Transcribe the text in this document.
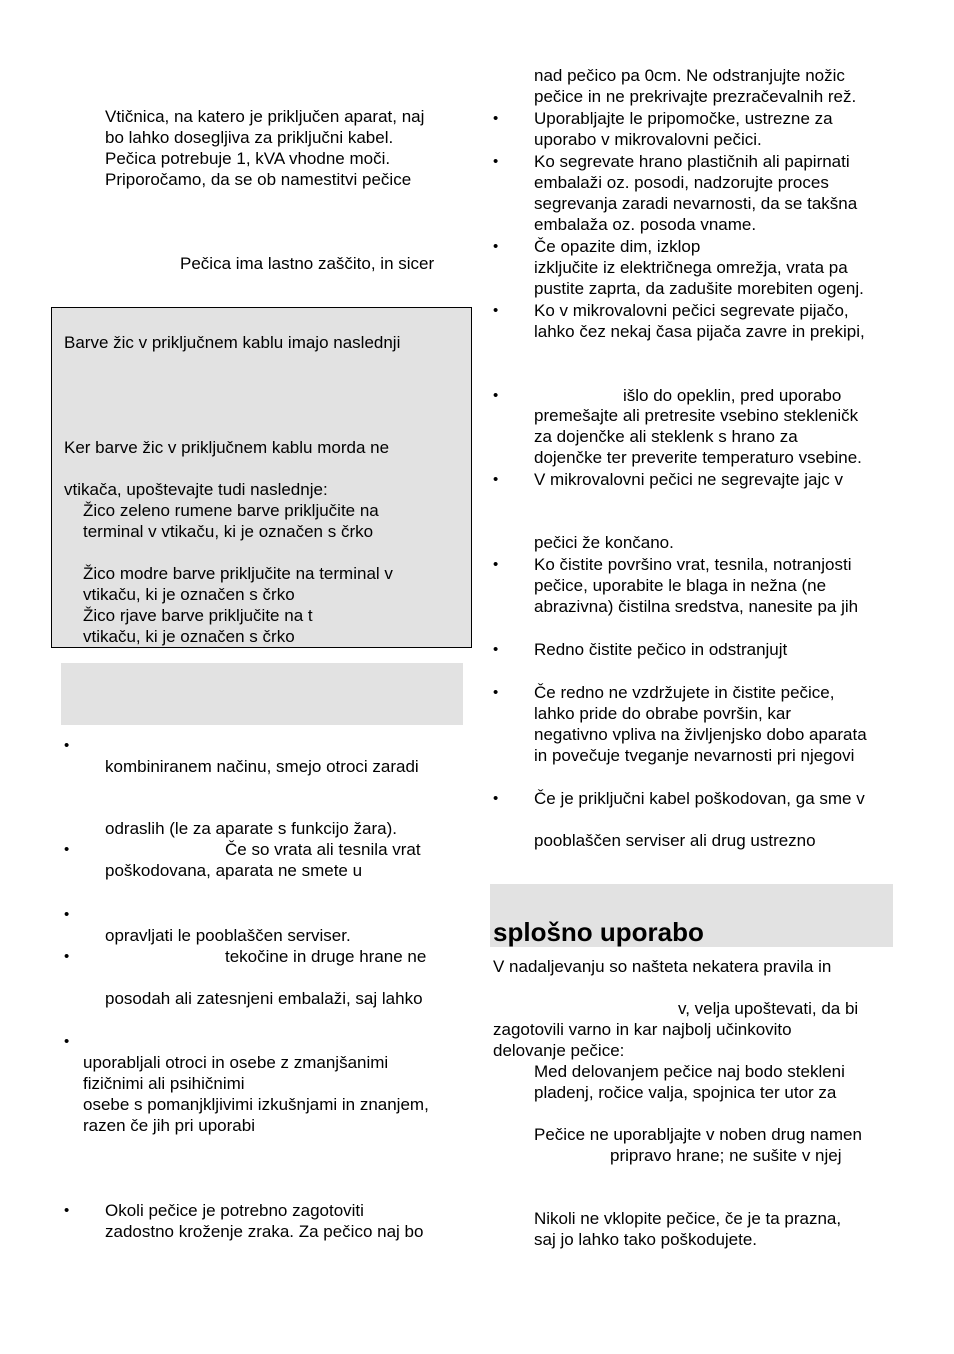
Vtičnica, na katero je priključen aparat, naj
bo lahko dosegljiva za priključni kabel.
Pečica potrebuje 1, kVA vhodne moči.
Priporočamo, da se ob namestitvi pečice
Pečica ima lastno zaščito, in sicer
Barve žic v priključnem kablu imajo naslednji
Ker barve žic v priključnem kablu morda ne
vtikača, upoštevajte tudi naslednje:
Žico zeleno rumene barve priključite na
terminal v vtikaču, ki je označen s črko
Žico modre barve priključite na terminal v
vtikaču, ki je označen s črko
Žico rjave barve priključite na t
vtikaču, ki je označen s črko
•
kombiniranem načinu, smejo otroci zaradi
odraslih (le za aparate s funkcijo žara).
•	Če so vrata ali tesnila vrat
poškodovana, aparata ne smete u
•
opravljati le pooblaščen serviser.
•	tekočine in druge hrane ne
posodah ali zatesnjeni embalaži, saj lahko
•
uporabljali otroci in osebe z zmanjšanimi
fizičnimi ali psihičnimi
osebe s pomanjkljivimi izkušnjami in znanjem,
razen če jih pri uporabi
• Okoli pečice je potrebno zagotoviti
zadostno kroženje zraka. Za pečico naj bo
nad pečico pa 0cm. Ne odstranjujte nožic
pečice in ne prekrivajte prezračevalnih rež.
• Uporabljajte le pripomočke, ustrezne za
uporabo v mikrovalovni pečici.
• Ko segrevate hrano plastičnih ali papirnati
embalaži oz. posodi, nadzorujte proces
segrevanja zaradi nevarnosti, da se takšna
embalaža oz. posoda vname.
• Če opazite dim, izklop
izključite iz električnega omrežja, vrata pa
pustite zaprta, da zadušite morebiten ogenj.
• Ko v mikrovalovni pečici segrevate pijačo,
lahko čez nekaj časa pijača zavre in prekipi,
•	išlo do opeklin, pred uporabo
premešajte ali pretresite vsebino stekleničk
za dojenčke ali steklenk s hrano za
dojenčke ter preverite temperaturo vsebine.
• V mikrovalovni pečici ne segrevajte jajc v
pečici že končano.
• Ko čistite površino vrat, tesnila, notranjosti
pečice, uporabite le blaga in nežna (ne
abrazivna) čistilna sredstva, nanesite pa jih
• Redno čistite pečico in odstranjujt
• Če redno ne vzdržujete in čistite pečice,
lahko pride do obrabe površin, kar
negativno vpliva na življenjsko dobo aparata
in povečuje tveganje nevarnosti pri njegovi
• Če je priključni kabel poškodovan, ga sme v
pooblaščen serviser ali drug ustrezno
splošno uporabo
V nadaljevanju so našteta nekatera pravila in
v, velja upoštevati, da bi
zagotovili varno in kar najbolj učinkovito
delovanje pečice:
Med delovanjem pečice naj bodo stekleni
pladenj, ročice valja, spojnica ter utor za
Pečice ne uporabljajte v noben drug namen
pripravo hrane; ne sušite v njej
Nikoli ne vklopite pečice, če je ta prazna,
saj jo lahko tako poškodujete.
